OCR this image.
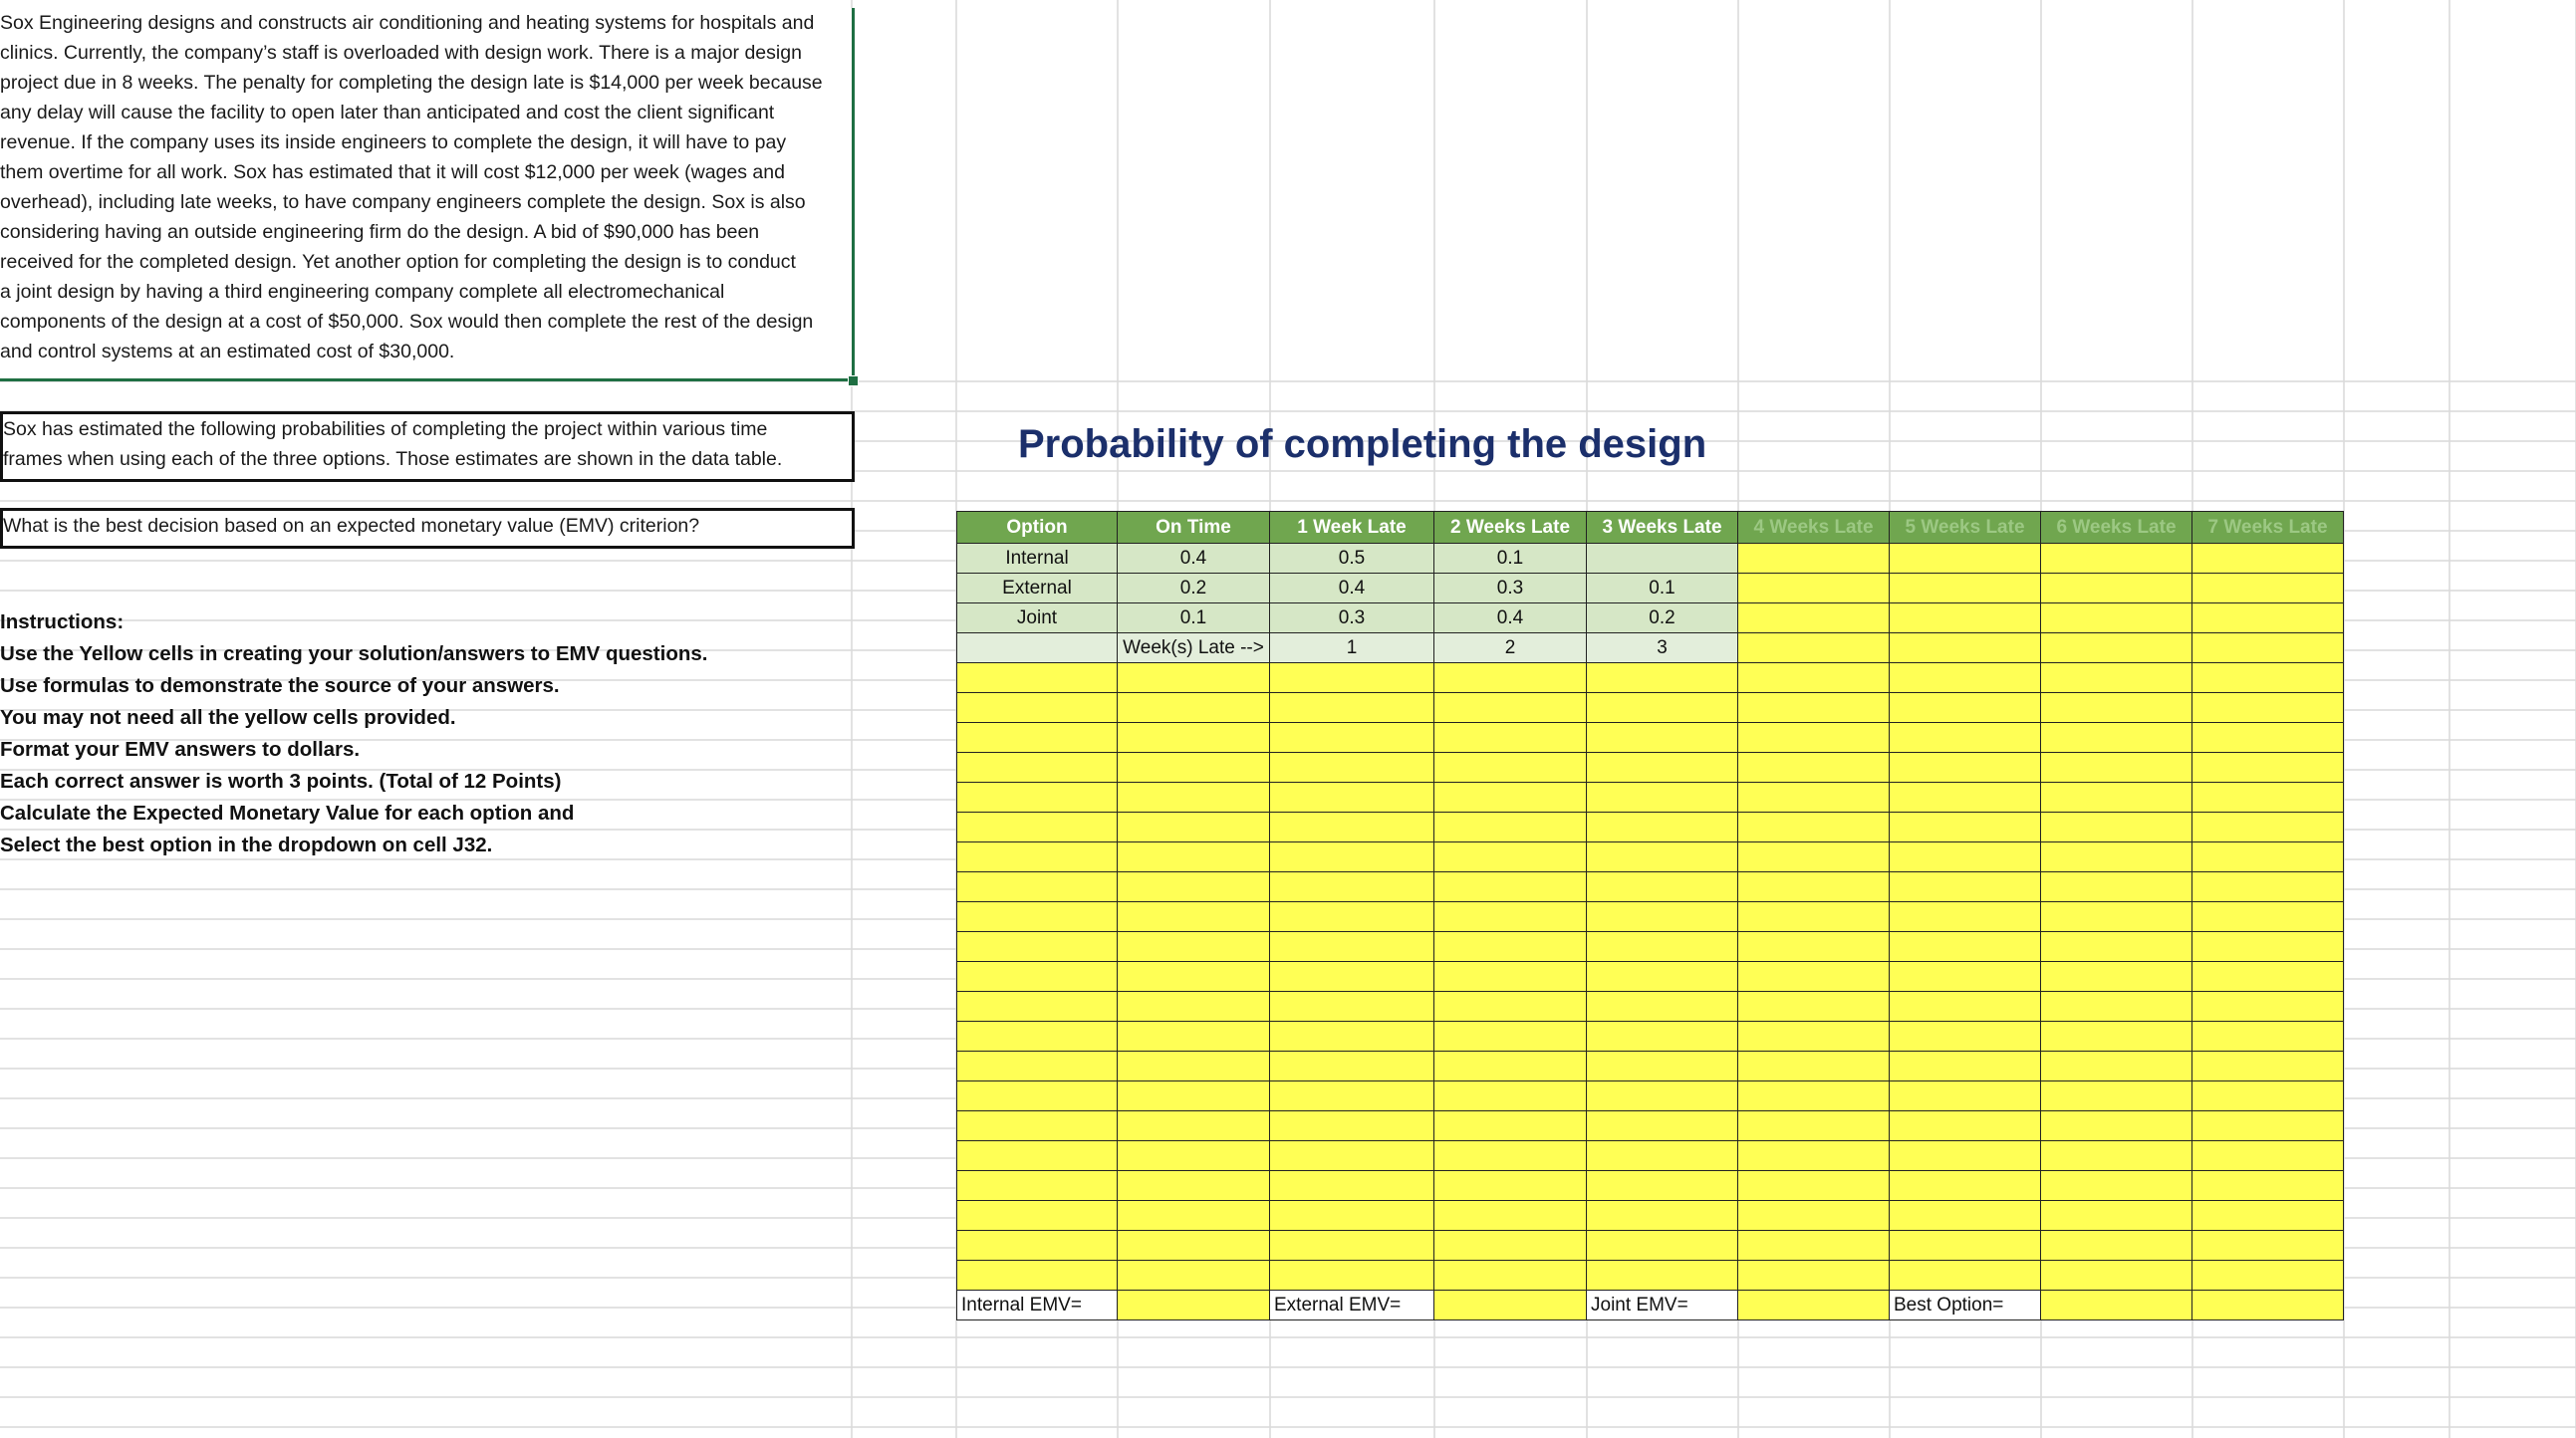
Sox Engineering designs and constructs air conditioning and heating systems for hospitals and
clinics. Currently, the company’s staff is overloaded with design work. There is a major design
project due in 8 weeks. The penalty for completing the design late is $14,000 per week because
any delay will cause the facility to open later than anticipated and cost the client significant
revenue. If the company uses its inside engineers to complete the design, it will have to pay
them overtime for all work. Sox has estimated that it will cost $12,000 per week (wages and
overhead), including late weeks, to have company engineers complete the design. Sox is also
considering having an outside engineering firm do the design. A bid of $90,000 has been
received for the completed design. Yet another option for completing the design is to conduct
a joint design by having a third engineering company complete all electromechanical
components of the design at a cost of $50,000. Sox would then complete the rest of the design
and control systems at an estimated cost of $30,000.
Sox has estimated the following probabilities of completing the project within various time
frames when using each of the three options. Those estimates are shown in the data table.
What is the best decision based on an expected monetary value (EMV) criterion?
Instructions:
Use the Yellow cells in creating your solution/answers to EMV questions.
Use formulas to demonstrate the source of your answers.
You may not need all the yellow cells provided.
Format your EMV answers to dollars.
Each correct answer is worth 3 points. (Total of 12 Points)
Calculate the Expected Monetary Value for each option and
Select the best option in the dropdown on cell J32.
Probability of completing the design
Option	On Time	1 Week Late	2 Weeks Late	3 Weeks Late	4 Weeks Late	5 Weeks Late	6 Weeks Late	7 Weeks Late
Internal	0.4	0.5	0.1
External	0.2	0.4	0.3	0.1
Joint	0.1	0.3	0.4	0.2
Week(s) Late -->	1	2	3
Internal EMV=	External EMV=	Joint EMV=	Best Option=
